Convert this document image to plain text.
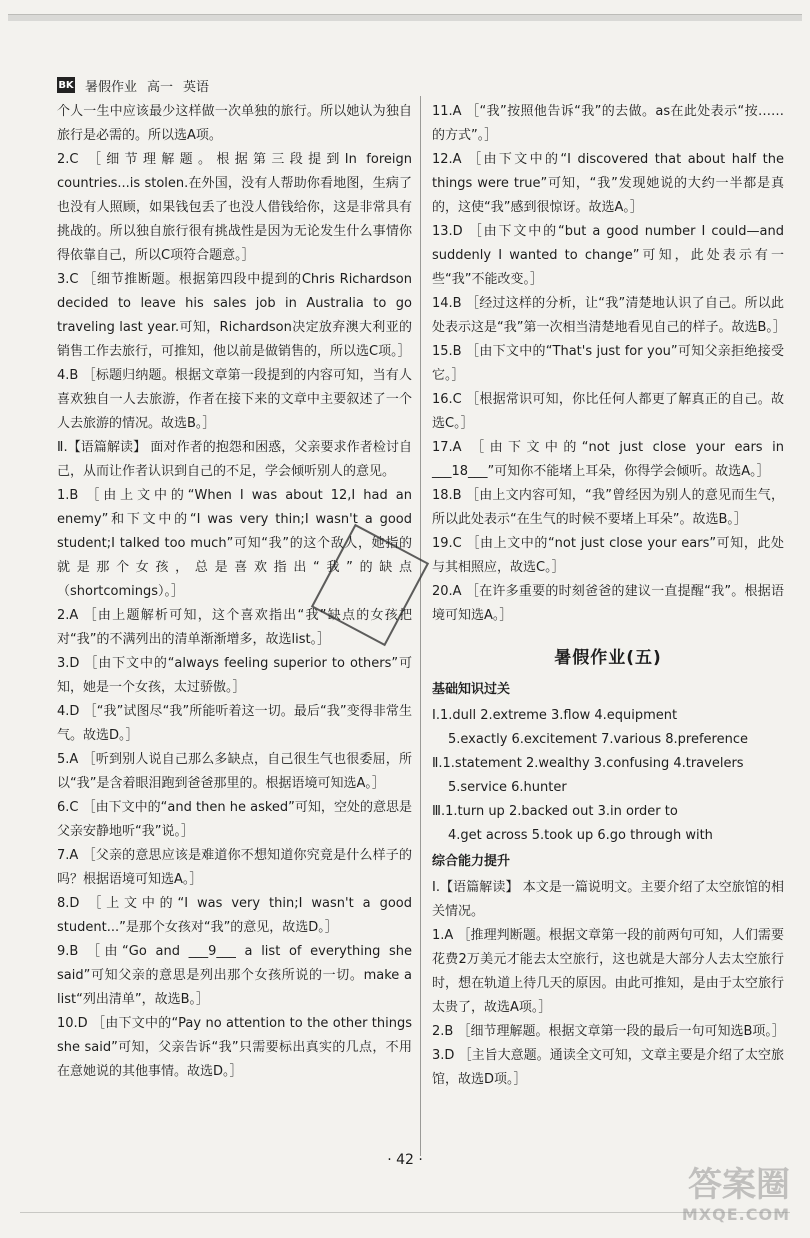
BK 暑假作业 高一 英语

个人一生中应该最少这样做一次单独的旅行。所以她认为独自旅行是必需的。所以选A项。

2.C ［细节理解题。根据第三段提到In foreign countries...is stolen.在外国，没有人帮助你看地图，生病了也没有人照顾，如果钱包丢了也没人借钱给你，这是非常具有挑战的。所以独自旅行很有挑战性是因为无论发生什么事情你得依靠自己，所以C项符合题意。］

3.C ［细节推断题。根据第四段中提到的Chris Richardson decided to leave his sales job in Australia to go traveling last year.可知，Richardson决定放弃澳大利亚的销售工作去旅行，可推知，他以前是做销售的，所以选C项。］

4.B ［标题归纳题。根据文章第一段提到的内容可知，当有人喜欢独自一人去旅游，作者在接下来的文章中主要叙述了一个人去旅游的情况。故选B。］

Ⅱ.【语篇解读】 面对作者的抱怨和困惑，父亲要求作者检讨自己，从而让作者认识到自己的不足，学会倾听别人的意见。

1.B ［由上文中的“When I was about 12,I had an enemy”和下文中的“I was very thin;I wasn't a good student;I talked too much”可知“我”的这个敌人，她指的就是那个女孩，总是喜欢指出“我”的缺点（shortcomings）。］

2.A ［由上题解析可知，这个喜欢指出“我”缺点的女孩把对“我”的不满列出的清单渐渐增多，故选list。］

3.D ［由下文中的“always feeling superior to others”可知，她是一个女孩，太过骄傲。］

4.D ［“我”试图尽“我”所能听着这一切。最后“我”变得非常生气。故选D。］

5.A ［听到别人说自己那么多缺点，自己很生气也很委屈，所以“我”是含着眼泪跑到爸爸那里的。根据语境可知选A。］

6.C ［由下文中的“and then he asked”可知，空处的意思是父亲安静地听“我”说。］

7.A ［父亲的意思应该是难道你不想知道你究竟是什么样子的吗？根据语境可知选A。］

8.D ［上文中的“I was very thin;I wasn't a good student...”是那个女孩对“我”的意见，故选D。］

9.B ［由“Go and ___9___ a list of everything she said”可知父亲的意思是列出那个女孩所说的一切。make a list“列出清单”，故选B。］

10.D ［由下文中的“Pay no attention to the other things she said”可知，父亲告诉“我”只需要标出真实的几点，不用在意她说的其他事情。故选D。］

11.A ［“我”按照他告诉“我”的去做。as在此处表示“按……的方式”。］

12.A ［由下文中的“I discovered that about half the things were true”可知，“我”发现她说的大约一半都是真的，这使“我”感到很惊讶。故选A。］

13.D ［由下文中的“but a good number I could—and suddenly I wanted to change”可知，此处表示有一些“我”不能改变。］

14.B ［经过这样的分析，让“我”清楚地认识了自己。所以此处表示这是“我”第一次相当清楚地看见自己的样子。故选B。］

15.B ［由下文中的“That's just for you”可知父亲拒绝接受它。］

16.C ［根据常识可知，你比任何人都更了解真正的自己。故选C。］

17.A ［由下文中的“not just close your ears in ___18___”可知你不能堵上耳朵，你得学会倾听。故选A。］

18.B ［由上文内容可知，“我”曾经因为别人的意见而生气，所以此处表示“在生气的时候不要堵上耳朵”。故选B。］

19.C ［由上文中的“not just close your ears”可知，此处与其相照应，故选C。］

20.A ［在许多重要的时刻爸爸的建议一直提醒“我”。根据语境可知选A。］

暑假作业(五)
基础知识过关

Ⅰ.1.dull 2.extreme 3.flow 4.equipment

5.exactly 6.excitement 7.various 8.preference

Ⅱ.1.statement 2.wealthy 3.confusing 4.travelers

5.service 6.hunter

Ⅲ.1.turn up 2.backed out 3.in order to

4.get across 5.took up 6.go through with

综合能力提升

Ⅰ.【语篇解读】 本文是一篇说明文。主要介绍了太空旅馆的相关情况。

1.A ［推理判断题。根据文章第一段的前两句可知，人们需要花费2万美元才能去太空旅行，这也就是大部分人去太空旅行时，想在轨道上待几天的原因。由此可推知，是由于太空旅行太贵了，故选A项。］

2.B ［细节理解题。根据文章第一段的最后一句可知选B项。］

3.D ［主旨大意题。通读全文可知，文章主要是介绍了太空旅馆，故选D项。］

· 42 ·
答案圈
MXQE.COM
